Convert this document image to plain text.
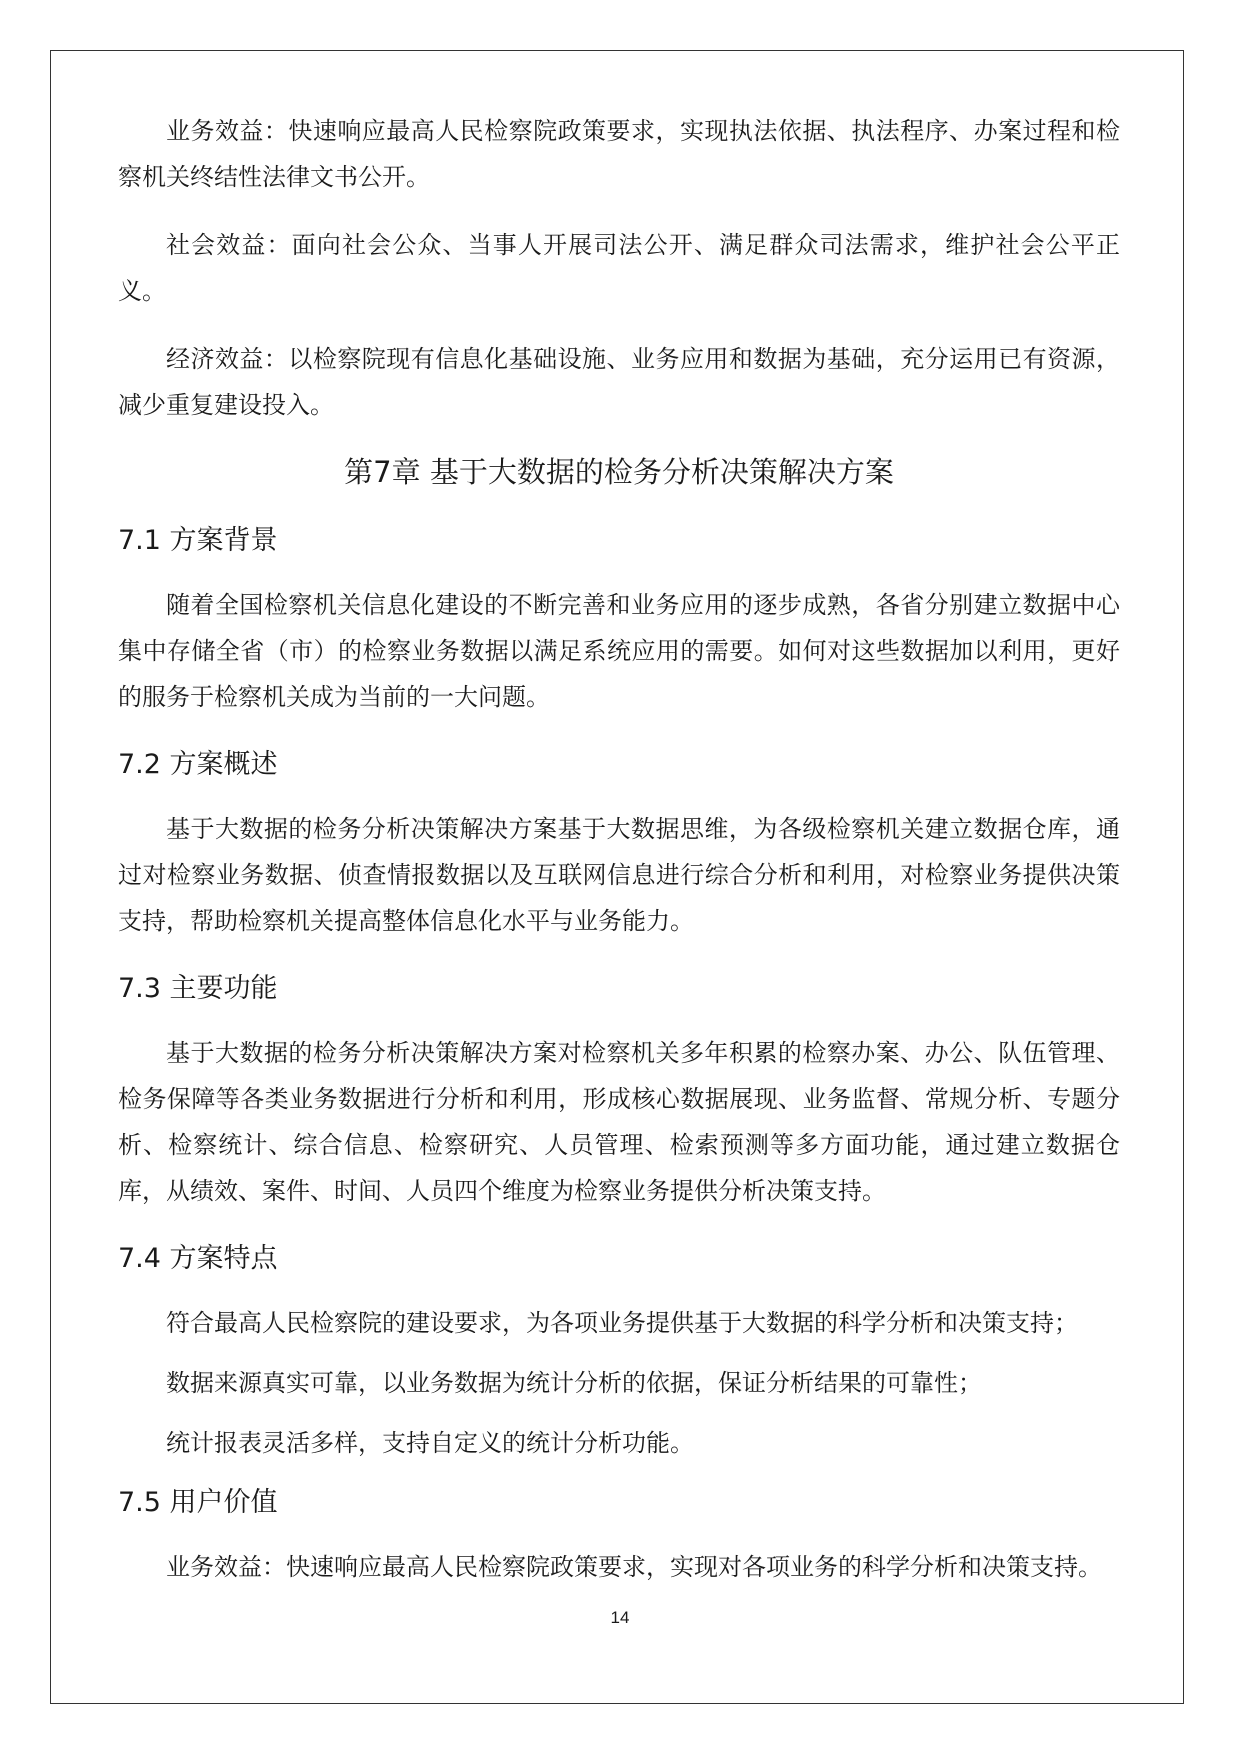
业务效益：快速响应最高人民检察院政策要求，实现执法依据、执法程序、办案过程和检察机关终结性法律文书公开。

社会效益：面向社会公众、当事人开展司法公开、满足群众司法需求，维护社会公平正义。

经济效益：以检察院现有信息化基础设施、业务应用和数据为基础，充分运用已有资源，减少重复建设投入。

第7章 基于大数据的检务分析决策解决方案
7.1 方案背景

随着全国检察机关信息化建设的不断完善和业务应用的逐步成熟，各省分别建立数据中心集中存储全省（市）的检察业务数据以满足系统应用的需要。如何对这些数据加以利用，更好的服务于检察机关成为当前的一大问题。

7.2 方案概述

基于大数据的检务分析决策解决方案基于大数据思维，为各级检察机关建立数据仓库，通过对检察业务数据、侦查情报数据以及互联网信息进行综合分析和利用，对检察业务提供决策支持，帮助检察机关提高整体信息化水平与业务能力。

7.3 主要功能

基于大数据的检务分析决策解决方案对检察机关多年积累的检察办案、办公、队伍管理、检务保障等各类业务数据进行分析和利用，形成核心数据展现、业务监督、常规分析、专题分析、检察统计、综合信息、检察研究、人员管理、检索预测等多方面功能，通过建立数据仓库，从绩效、案件、时间、人员四个维度为检察业务提供分析决策支持。

7.4 方案特点

符合最高人民检察院的建设要求，为各项业务提供基于大数据的科学分析和决策支持；

数据来源真实可靠，以业务数据为统计分析的依据，保证分析结果的可靠性；

统计报表灵活多样，支持自定义的统计分析功能。

7.5 用户价值

业务效益：快速响应最高人民检察院政策要求，实现对各项业务的科学分析和决策支持。

14
